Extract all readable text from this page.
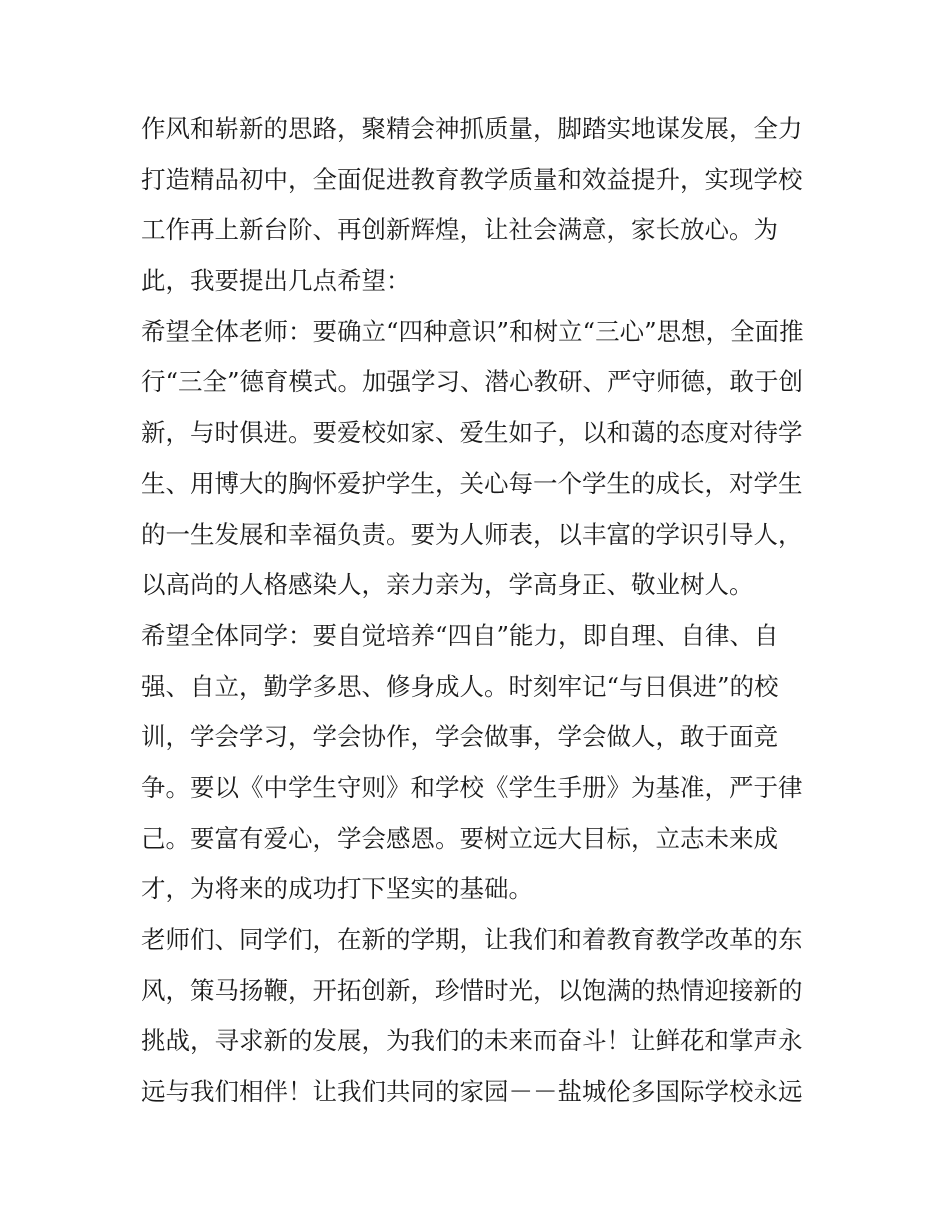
作风和崭新的思路，聚精会神抓质量，脚踏实地谋发展，全力
打造精品初中，全面促进教育教学质量和效益提升，实现学校
工作再上新台阶、再创新辉煌，让社会满意，家长放心。为
此，我要提出几点希望：
希望全体老师：要确立“四种意识”和树立“三心”思想，全面推
行“三全”德育模式。加强学习、潜心教研、严守师德，敢于创
新，与时俱进。要爱校如家、爱生如子，以和蔼的态度对待学
生、用博大的胸怀爱护学生，关心每一个学生的成长，对学生
的一生发展和幸福负责。要为人师表，以丰富的学识引导人，
以高尚的人格感染人，亲力亲为，学高身正、敬业树人。
希望全体同学：要自觉培养“四自”能力，即自理、自律、自
强、自立，勤学多思、修身成人。时刻牢记“与日俱进”的校
训，学会学习，学会协作，学会做事，学会做人，敢于面竞
争。要以《中学生守则》和学校《学生手册》为基准，严于律
己。要富有爱心，学会感恩。要树立远大目标，立志未来成
才，为将来的成功打下坚实的基础。
老师们、同学们，在新的学期，让我们和着教育教学改革的东
风，策马扬鞭，开拓创新，珍惜时光，以饱满的热情迎接新的
挑战，寻求新的发展，为我们的未来而奋斗！让鲜花和掌声永
远与我们相伴！让我们共同的家园－－盐城伦多国际学校永远
